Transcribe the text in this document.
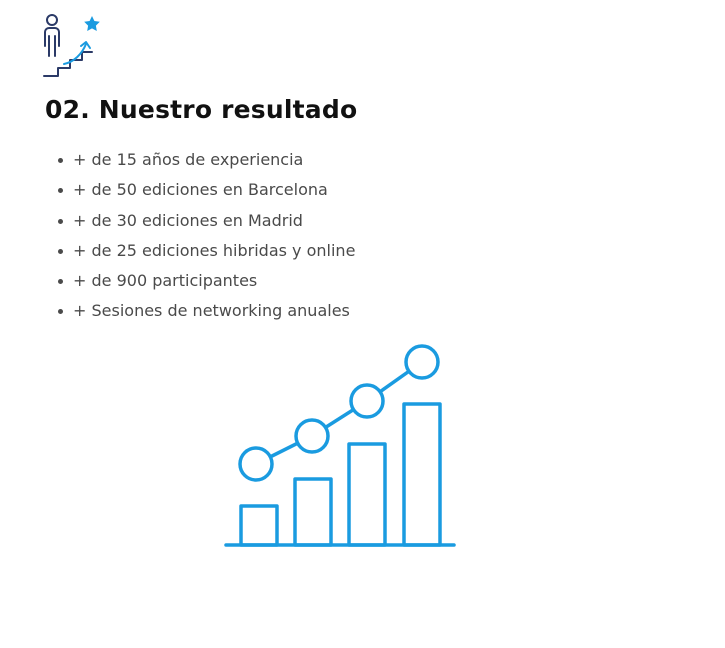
02. Nuestro resultado
+ de 15 años de experiencia
+ de 50 ediciones en Barcelona
+ de 30 ediciones en Madrid
+ de 25 ediciones hibridas y online
+ de 900 participantes
+ Sesiones de networking anuales
